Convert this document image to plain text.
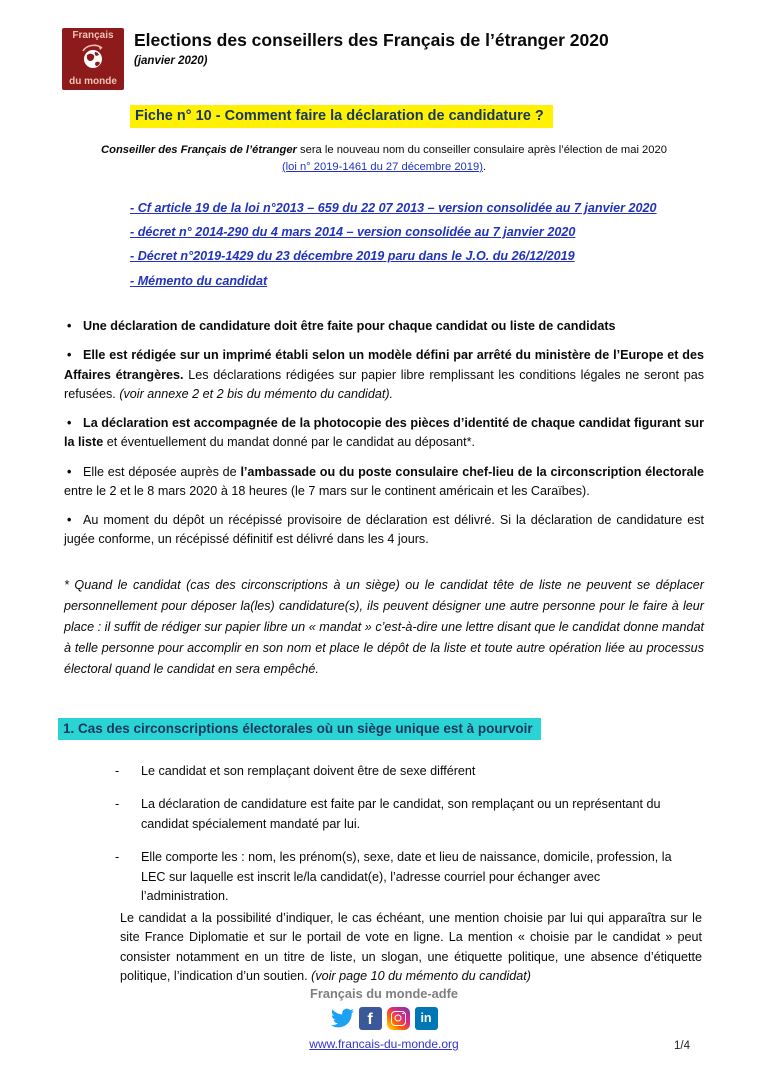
Français
du monde
Elections des conseillers des Français de l’étranger 2020
(janvier 2020)
Fiche n° 10 - Comment faire la déclaration de candidature ?
Conseiller des Français de l’étranger sera le nouveau nom du conseiller consulaire après l’élection de mai 2020
(loi n° 2019-1461 du 27 décembre 2019).
- Cf article 19 de la loi n°2013 – 659 du 22 07 2013 – version consolidée au 7 janvier 2020
- décret n° 2014-290 du 4 mars 2014 – version consolidée au 7 janvier 2020
- Décret n°2019-1429 du 23 décembre 2019 paru dans le J.O. du 26/12/2019
- Mémento du candidat

• Une déclaration de candidature doit être faite pour chaque candidat ou liste de candidats

• Elle est rédigée sur un imprimé établi selon un modèle défini par arrêté du ministère de l’Europe et des Affaires étrangères. Les déclarations rédigées sur papier libre remplissant les conditions légales ne seront pas refusées. (voir annexe 2 et 2 bis du mémento du candidat).

• La déclaration est accompagnée de la photocopie des pièces d’identité de chaque candidat figurant sur la liste et éventuellement du mandat donné par le candidat au déposant*.

• Elle est déposée auprès de l’ambassade ou du poste consulaire chef-lieu de la circonscription électorale entre le 2 et le 8 mars 2020 à 18 heures (le 7 mars sur le continent américain et les Caraïbes).

• Au moment du dépôt un récépissé provisoire de déclaration est délivré. Si la déclaration de candidature est jugée conforme, un récépissé définitif est délivré dans les 4 jours.

* Quand le candidat (cas des circonscriptions à un siège) ou le candidat tête de liste ne peuvent se déplacer personnellement pour déposer la(les) candidature(s), ils peuvent désigner une autre personne pour le faire à leur place : il suffit de rédiger sur papier libre un « mandat » c’est-à-dire une lettre disant que le candidat donne mandat à telle personne pour accomplir en son nom et place le dépôt de la liste et toute autre opération liée au processus électoral quand le candidat en sera empêché.

1. Cas des circonscriptions électorales où un siège unique est à pourvoir
- Le candidat et son remplaçant doivent être de sexe différent
- La déclaration de candidature est faite par le candidat, son remplaçant ou un représentant du candidat spécialement mandaté par lui.
- Elle comporte les : nom, les prénom(s), sexe, date et lieu de naissance, domicile, profession, la LEC sur laquelle est inscrit le/la candidat(e), l’adresse courriel pour échanger avec l’administration.

Le candidat a la possibilité d’indiquer, le cas échéant, une mention choisie par lui qui apparaîtra sur le site France Diplomatie et sur le portail de vote en ligne. La mention « choisie par le candidat » peut consister notamment en un titre de liste, un slogan, une étiquette politique, une absence d’étiquette politique, l’indication d’un soutien. (voir page 10 du mémento du candidat)

Français du monde-adfe
f	in
www.francais-du-monde.org	1/4
